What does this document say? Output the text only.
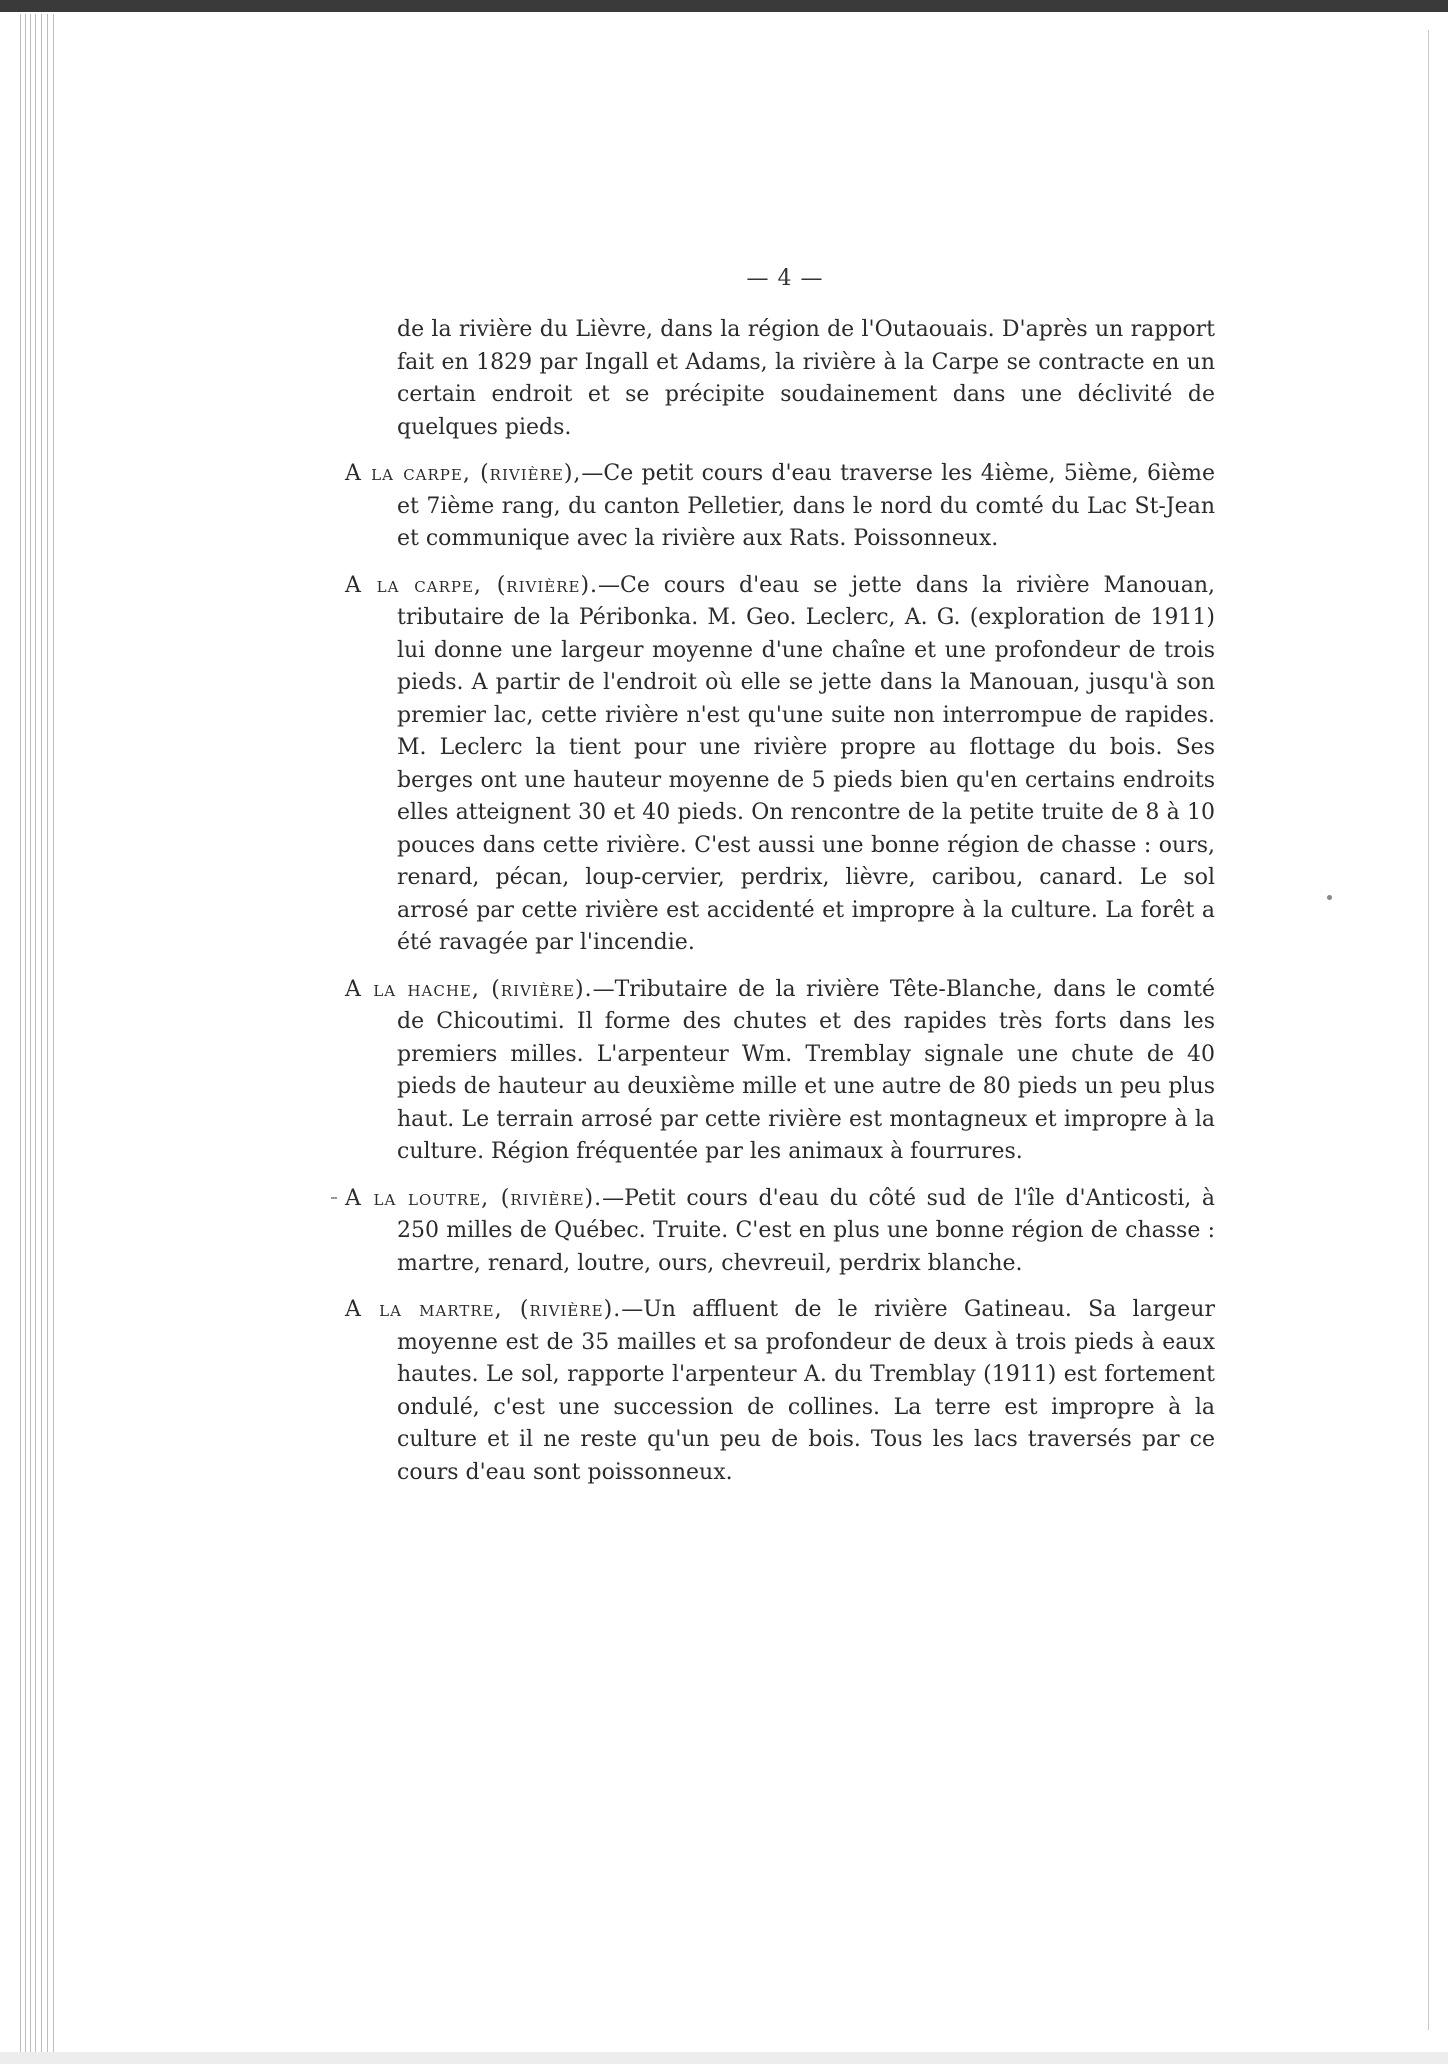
— 4 —

de la rivière du Lièvre, dans la région de l'Outaouais. D'après un rapport fait en 1829 par Ingall et Adams, la rivière à la Carpe se contracte en un certain endroit et se précipite soudainement dans une déclivité de quelques pieds.

A la carpe, (rivière),—Ce petit cours d'eau traverse les 4ième, 5ième, 6ième et 7ième rang, du canton Pelletier, dans le nord du comté du Lac St-Jean et communique avec la rivière aux Rats. Poissonneux.

A la carpe, (rivière).—Ce cours d'eau se jette dans la rivière Manouan, tributaire de la Péribonka. M. Geo. Leclerc, A. G. (exploration de 1911) lui donne une largeur moyenne d'une chaîne et une profondeur de trois pieds. A partir de l'endroit où elle se jette dans la Manouan, jusqu'à son premier lac, cette rivière n'est qu'une suite non interrompue de rapides. M. Leclerc la tient pour une rivière propre au flottage du bois. Ses berges ont une hauteur moyenne de 5 pieds bien qu'en certains endroits elles atteignent 30 et 40 pieds. On rencontre de la petite truite de 8 à 10 pouces dans cette rivière. C'est aussi une bonne région de chasse : ours, renard, pécan, loup-cervier, perdrix, lièvre, caribou, canard. Le sol arrosé par cette rivière est accidenté et impropre à la culture. La forêt a été ravagée par l'incendie.

A la hache, (rivière).—Tributaire de la rivière Tête-Blanche, dans le comté de Chicoutimi. Il forme des chutes et des rapides très forts dans les premiers milles. L'arpenteur Wm. Tremblay signale une chute de 40 pieds de hauteur au deuxième mille et une autre de 80 pieds un peu plus haut. Le terrain arrosé par cette rivière est montagneux et impropre à la culture. Région fréquentée par les animaux à fourrures.

A la loutre, (rivière).—Petit cours d'eau du côté sud de l'île d'Anticosti, à 250 milles de Québec. Truite. C'est en plus une bonne région de chasse : martre, renard, loutre, ours, chevreuil, perdrix blanche.

A la martre, (rivière).—Un affluent de le rivière Gatineau. Sa largeur moyenne est de 35 mailles et sa profondeur de deux à trois pieds à eaux hautes. Le sol, rapporte l'arpenteur A. du Tremblay (1911) est fortement ondulé, c'est une succession de collines. La terre est impropre à la culture et il ne reste qu'un peu de bois. Tous les lacs traversés par ce cours d'eau sont poissonneux.
